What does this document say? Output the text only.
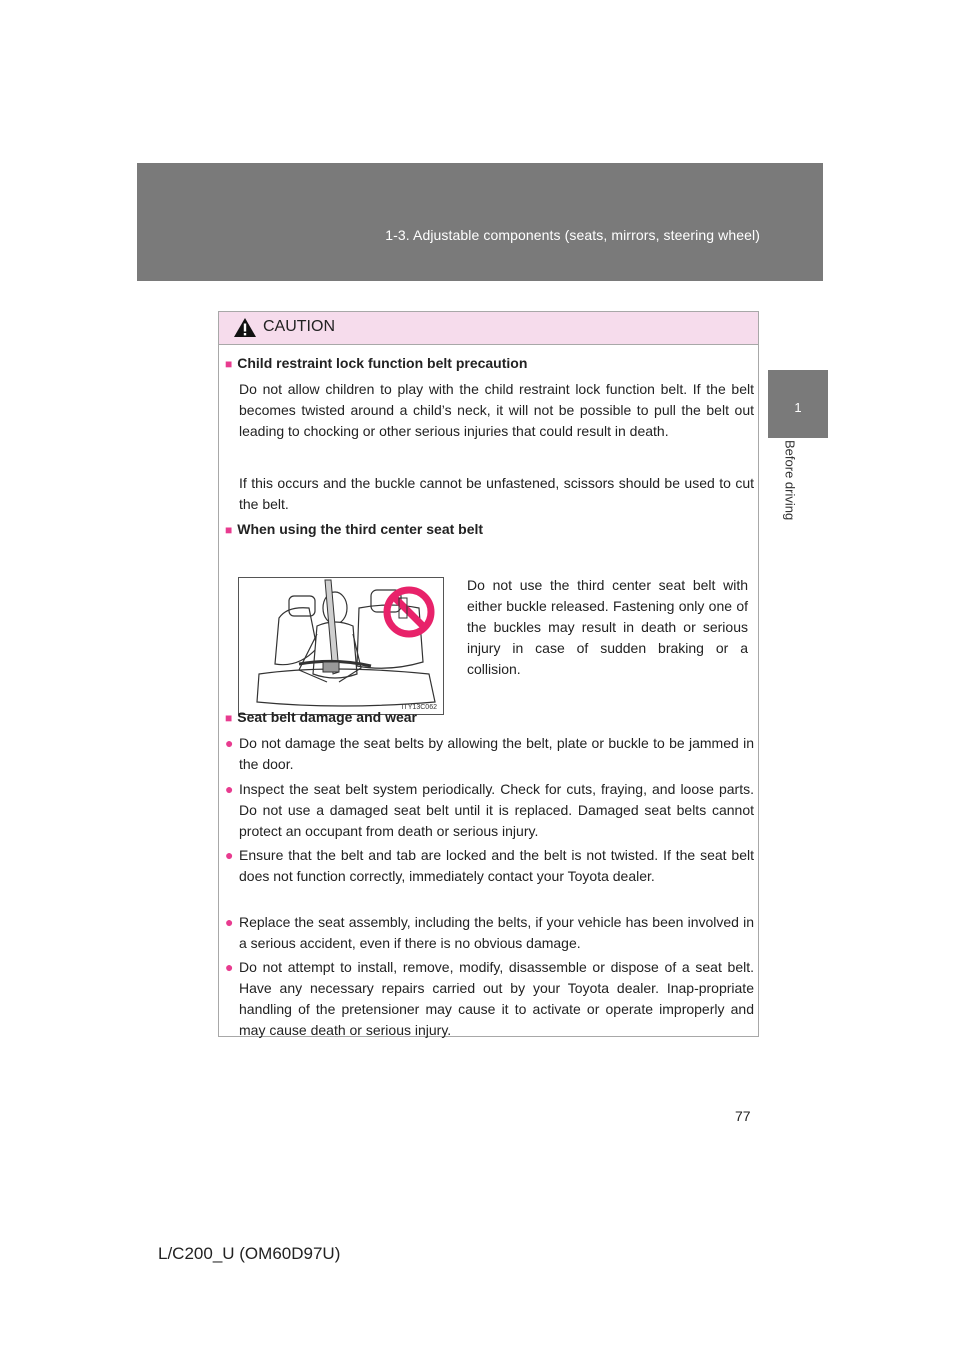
1-3. Adjustable components (seats, mirrors, steering wheel)
1
Before driving
CAUTION
■ Child restraint lock function belt precaution
Do not allow children to play with the child restraint lock function belt. If the belt becomes twisted around a child’s neck, it will not be possible to pull the belt out leading to chocking or other serious injuries that could result in death.
If this occurs and the buckle cannot be unfastened, scissors should be used to cut the belt.
■ When using the third center seat belt
ITY13C062
Do not use the third center seat belt with either buckle released. Fastening only one of the buckles may result in death or serious injury in case of sudden braking or a collision.
■ Seat belt damage and wear
● Do not damage the seat belts by allowing the belt, plate or buckle to be jammed in the door.
● Inspect the seat belt system periodically. Check for cuts, fraying, and loose parts. Do not use a damaged seat belt until it is replaced. Damaged seat belts cannot protect an occupant from death or serious injury.
● Ensure that the belt and tab are locked and the belt is not twisted. If the seat belt does not function correctly, immediately contact your Toyota dealer.
● Replace the seat assembly, including the belts, if your vehicle has been involved in a serious accident, even if there is no obvious damage.
● Do not attempt to install, remove, modify, disassemble or dispose of a seat belt. Have any necessary repairs carried out by your Toyota dealer. Inap-propriate handling of the pretensioner may cause it to activate or operate improperly and may cause death or serious injury.
77
L/C200_U (OM60D97U)
